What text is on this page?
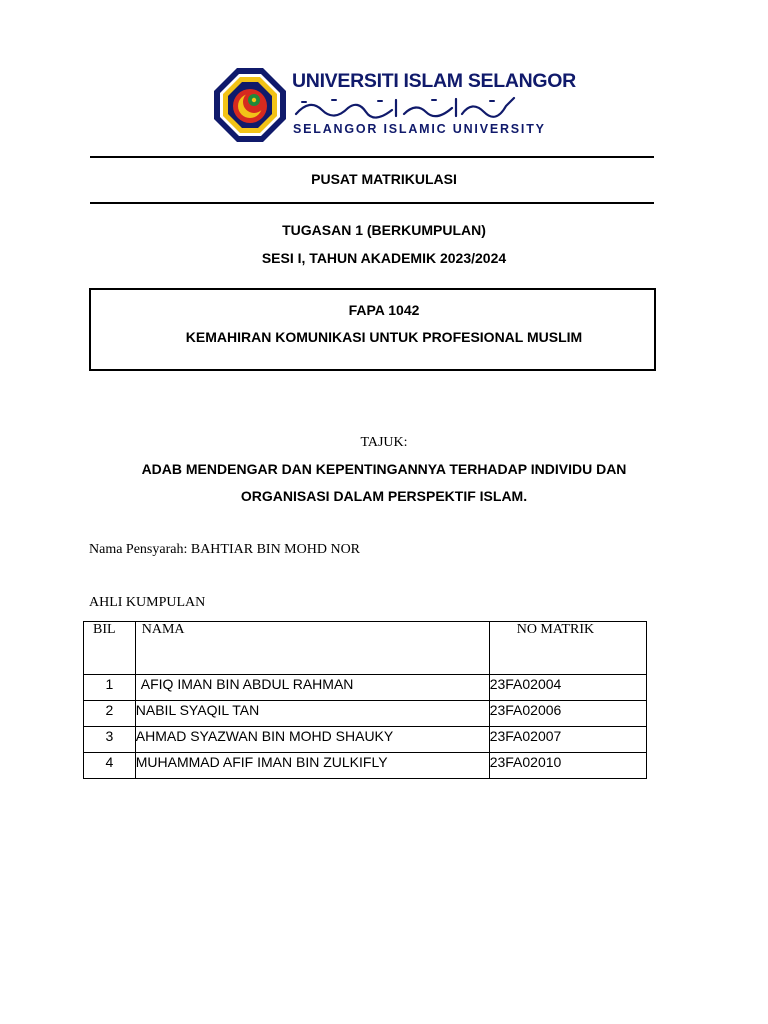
UNIVERSITI ISLAM SELANGOR
SELANGOR ISLAMIC UNIVERSITY
PUSAT MATRIKULASI
TUGASAN 1 (BERKUMPULAN)
SESI I, TAHUN AKADEMIK 2023/2024
FAPA 1042
KEMAHIRAN KOMUNIKASI UNTUK PROFESIONAL MUSLIM
TAJUK:
ADAB MENDENGAR DAN KEPENTINGANNYA TERHADAP INDIVIDU DAN
ORGANISASI DALAM PERSPEKTIF ISLAM.
Nama Pensyarah: BAHTIAR BIN MOHD NOR
AHLI KUMPULAN
BIL	NAMA	NO MATRIK
1	AFIQ IMAN BIN ABDUL RAHMAN	23FA02004
2	NABIL SYAQIL TAN	23FA02006
3	AHMAD SYAZWAN BIN MOHD SHAUKY	23FA02007
4	MUHAMMAD AFIF IMAN BIN ZULKIFLY	23FA02010
